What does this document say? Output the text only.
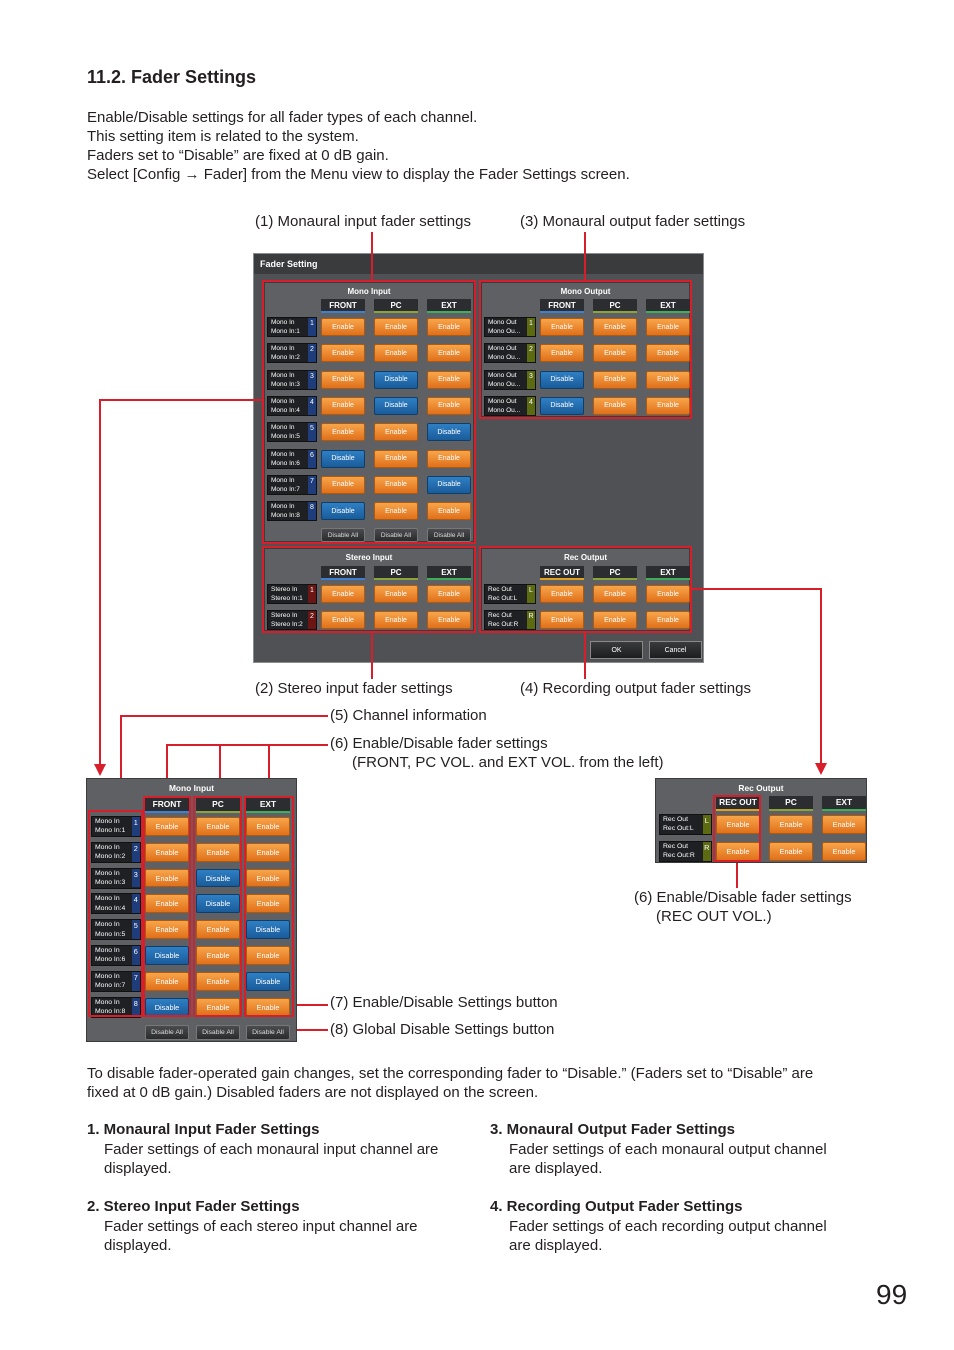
11.2. Fader Settings
Enable/Disable settings for all fader types of each channel.
This setting item is related to the system.
Faders set to “Disable” are fixed at 0 dB gain.
Select [Config → Fader] from the Menu view to display the Fader Settings screen.
(1) Monaural input fader settings	(3) Monaural output fader settings
(2) Stereo input fader settings	(4) Recording output fader settings
(5) Channel information
(6) Enable/Disable fader settings
(FRONT, PC VOL. and EXT VOL. from the left)
(6) Enable/Disable fader settings
(REC OUT VOL.)
(7) Enable/Disable Settings button
(8) Global Disable Settings button
Fader Setting
OK	Cancel
To disable fader-operated gain changes, set the corresponding fader to “Disable.” (Faders set to “Disable” are
fixed at 0 dB gain.) Disabled faders are not displayed on the screen.
1. Monaural Input Fader Settings
Fader settings of each monaural input channel are
displayed.
2. Stereo Input Fader Settings
Fader settings of each stereo input channel are
displayed.
3. Monaural Output Fader Settings
Fader settings of each monaural output channel
are displayed.
4. Recording Output Fader Settings
Fader settings of each recording output channel
are displayed.
99
Mono Input
FRONT	PC	EXT
Mono In
Mono In:1
1	Enable	Enable	Enable
Mono In
Mono In:2
2	Enable	Enable	Enable
Mono In
Mono In:3
3	Enable	Disable	Enable
Mono In
Mono In:4
4	Enable	Disable	Enable
Mono In
Mono In:5
5	Enable	Enable	Disable
Mono In
Mono In:6
6	Disable	Enable	Enable
Mono In
Mono In:7
7	Enable	Enable	Disable
Mono In
Mono In:8
8	Disable	Enable	Enable
Disable All	Disable All	Disable All
Mono Output
FRONT	PC	EXT
Mono Out
Mono Ou...
1	Enable	Enable	Enable
Mono Out
Mono Ou...
2	Enable	Enable	Enable
Mono Out
Mono Ou...
3	Disable	Enable	Enable
Mono Out
Mono Ou...
4	Disable	Enable	Enable
Stereo Input
FRONT	PC	EXT
Stereo In
Stereo In:1
1	Enable	Enable	Enable
Stereo In
Stereo In:2
2	Enable	Enable	Enable
Rec Output
REC OUT	PC	EXT
Rec Out
Rec Out:L
L	Enable	Enable	Enable
Rec Out
Rec Out:R
R	Enable	Enable	Enable
Mono Input
FRONT	PC	EXT
Mono In
Mono In:1
1	Enable	Enable	Enable
Mono In
Mono In:2
2	Enable	Enable	Enable
Mono In
Mono In:3
3	Enable	Disable	Enable
Mono In
Mono In:4
4	Enable	Disable	Enable
Mono In
Mono In:5
5	Enable	Enable	Disable
Mono In
Mono In:6
6	Disable	Enable	Enable
Mono In
Mono In:7
7	Enable	Enable	Disable
Mono In
Mono In:8
8	Disable	Enable	Enable
Disable All	Disable All	Disable All
Rec Output
REC OUT	PC	EXT
Rec Out
Rec Out:L
L	Enable	Enable	Enable
Rec Out
Rec Out:R
R	Enable	Enable	Enable
